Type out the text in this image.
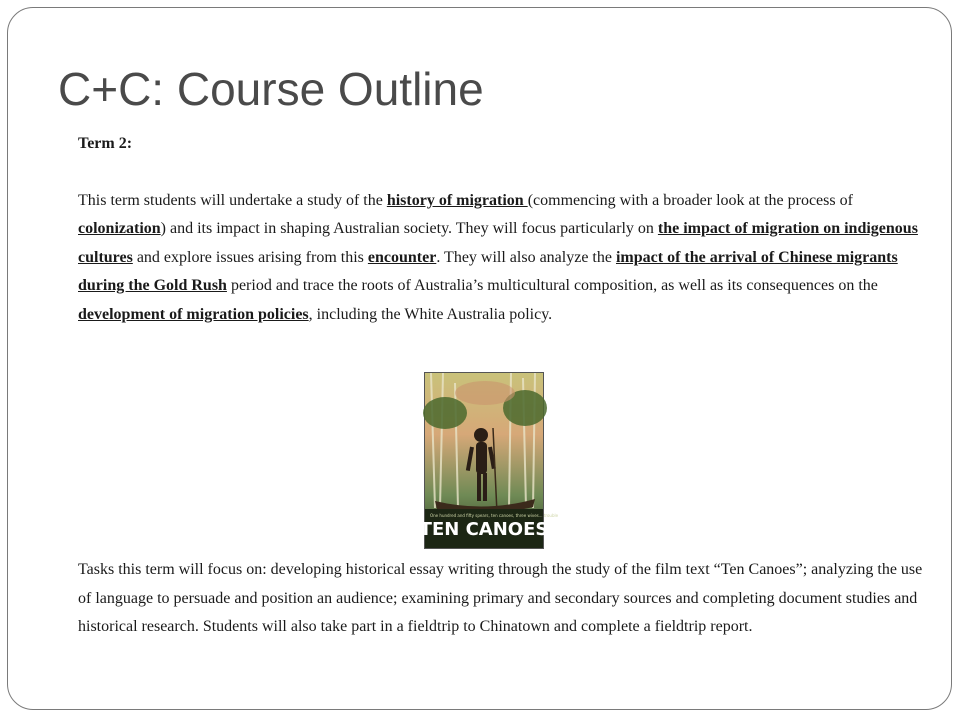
C+C: Course Outline

Term 2:

This term students will undertake a study of the history of migration (commencing with a broader look at the process of colonization) and its impact in shaping Australian society. They will focus particularly on the impact of migration on indigenous cultures and explore issues arising from this encounter. They will also analyze the impact of the arrival of Chinese migrants during the Gold Rush period and trace the roots of Australia’s multicultural composition, as well as its consequences on the development of migration policies, including the White Australia policy.

One hundred and fifty spears, ten canoes, three wives... trouble
TEN CANOES
Tasks this term will focus on: developing historical essay writing through the study of the film text “Ten Canoes”; analyzing the use of language to persuade and position an audience; examining primary and secondary sources and completing document studies and historical research. Students will also take part in a fieldtrip to Chinatown and complete a fieldtrip report.
